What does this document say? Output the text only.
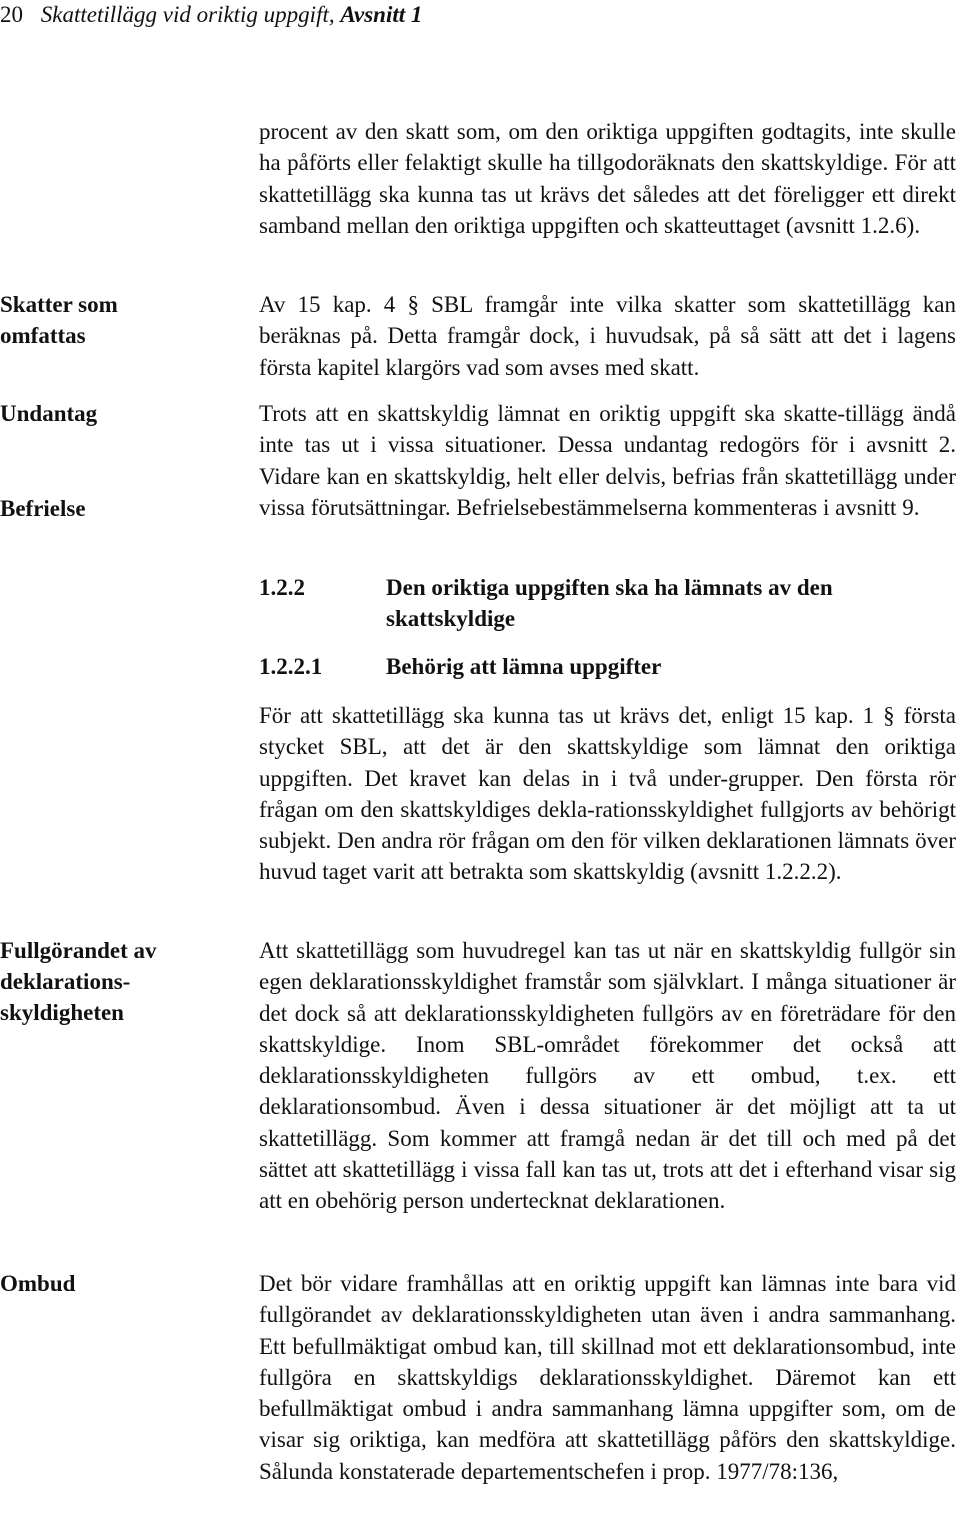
20 Skattetillägg vid oriktig uppgift, Avsnitt 1
Skatter som omfattas
Undantag
Befrielse
Fullgörandet av deklarations-skyldigheten
Ombud

procent av den skatt som, om den oriktiga uppgiften godtagits, inte skulle ha påförts eller felaktigt skulle ha tillgodoräknats den skattskyldige. För att skattetillägg ska kunna tas ut krävs det således att det föreligger ett direkt samband mellan den oriktiga uppgiften och skatteuttaget (avsnitt 1.2.6).

Av 15 kap. 4 § SBL framgår inte vilka skatter som skattetillägg kan beräknas på. Detta framgår dock, i huvudsak, på så sätt att det i lagens första kapitel klargörs vad som avses med skatt.

Trots att en skattskyldig lämnat en oriktig uppgift ska skatte-tillägg ändå inte tas ut i vissa situationer. Dessa undantag redogörs för i avsnitt 2. Vidare kan en skattskyldig, helt eller delvis, befrias från skattetillägg under vissa förutsättningar. Befrielsebestämmelserna kommenteras i avsnitt 9.

1.2.2	Den oriktiga uppgiften ska ha lämnats av den skattskyldige
1.2.2.1	Behörig att lämna uppgifter

För att skattetillägg ska kunna tas ut krävs det, enligt 15 kap. 1 § första stycket SBL, att det är den skattskyldige som lämnat den oriktiga uppgiften. Det kravet kan delas in i två under-grupper. Den första rör frågan om den skattskyldiges dekla-rationsskyldighet fullgjorts av behörigt subjekt. Den andra rör frågan om den för vilken deklarationen lämnats över huvud taget varit att betrakta som skattskyldig (avsnitt 1.2.2.2).

Att skattetillägg som huvudregel kan tas ut när en skattskyldig fullgör sin egen deklarationsskyldighet framstår som självklart. I många situationer är det dock så att deklarationsskyldigheten fullgörs av en företrädare för den skattskyldige. Inom SBL-området förekommer det också att deklarationsskyldigheten fullgörs av ett ombud, t.ex. ett deklarationsombud. Även i dessa situationer är det möjligt att ta ut skattetillägg. Som kommer att framgå nedan är det till och med på det sättet att skattetillägg i vissa fall kan tas ut, trots att det i efterhand visar sig att en obehörig person undertecknat deklarationen.

Det bör vidare framhållas att en oriktig uppgift kan lämnas inte bara vid fullgörandet av deklarationsskyldigheten utan även i andra sammanhang. Ett befullmäktigat ombud kan, till skillnad mot ett deklarationsombud, inte fullgöra en skattskyldigs deklarationsskyldighet. Däremot kan ett befullmäktigat ombud i andra sammanhang lämna uppgifter som, om de visar sig oriktiga, kan medföra att skattetillägg påförs den skattskyldige. Sålunda konstaterade departementschefen i prop. 1977/78:136,
